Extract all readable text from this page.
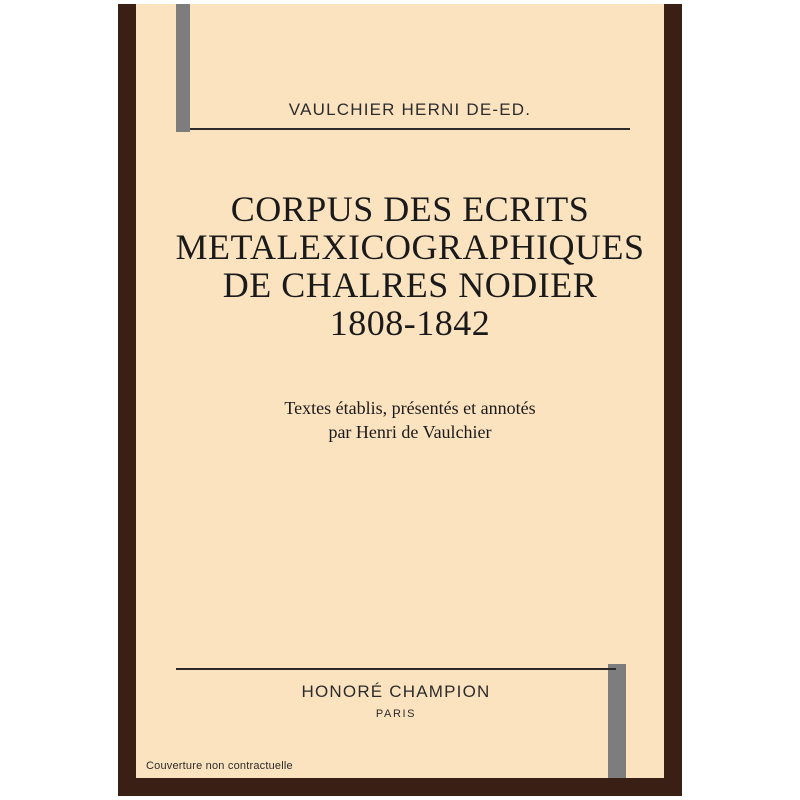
VAULCHIER HERNI DE-ED.
CORPUS DES ECRITS
METALEXICOGRAPHIQUES
DE CHALRES NODIER
1808-1842
Textes établis, présentés et annotés
par Henri de Vaulchier
HONORÉ CHAMPION
PARIS
Couverture non contractuelle
